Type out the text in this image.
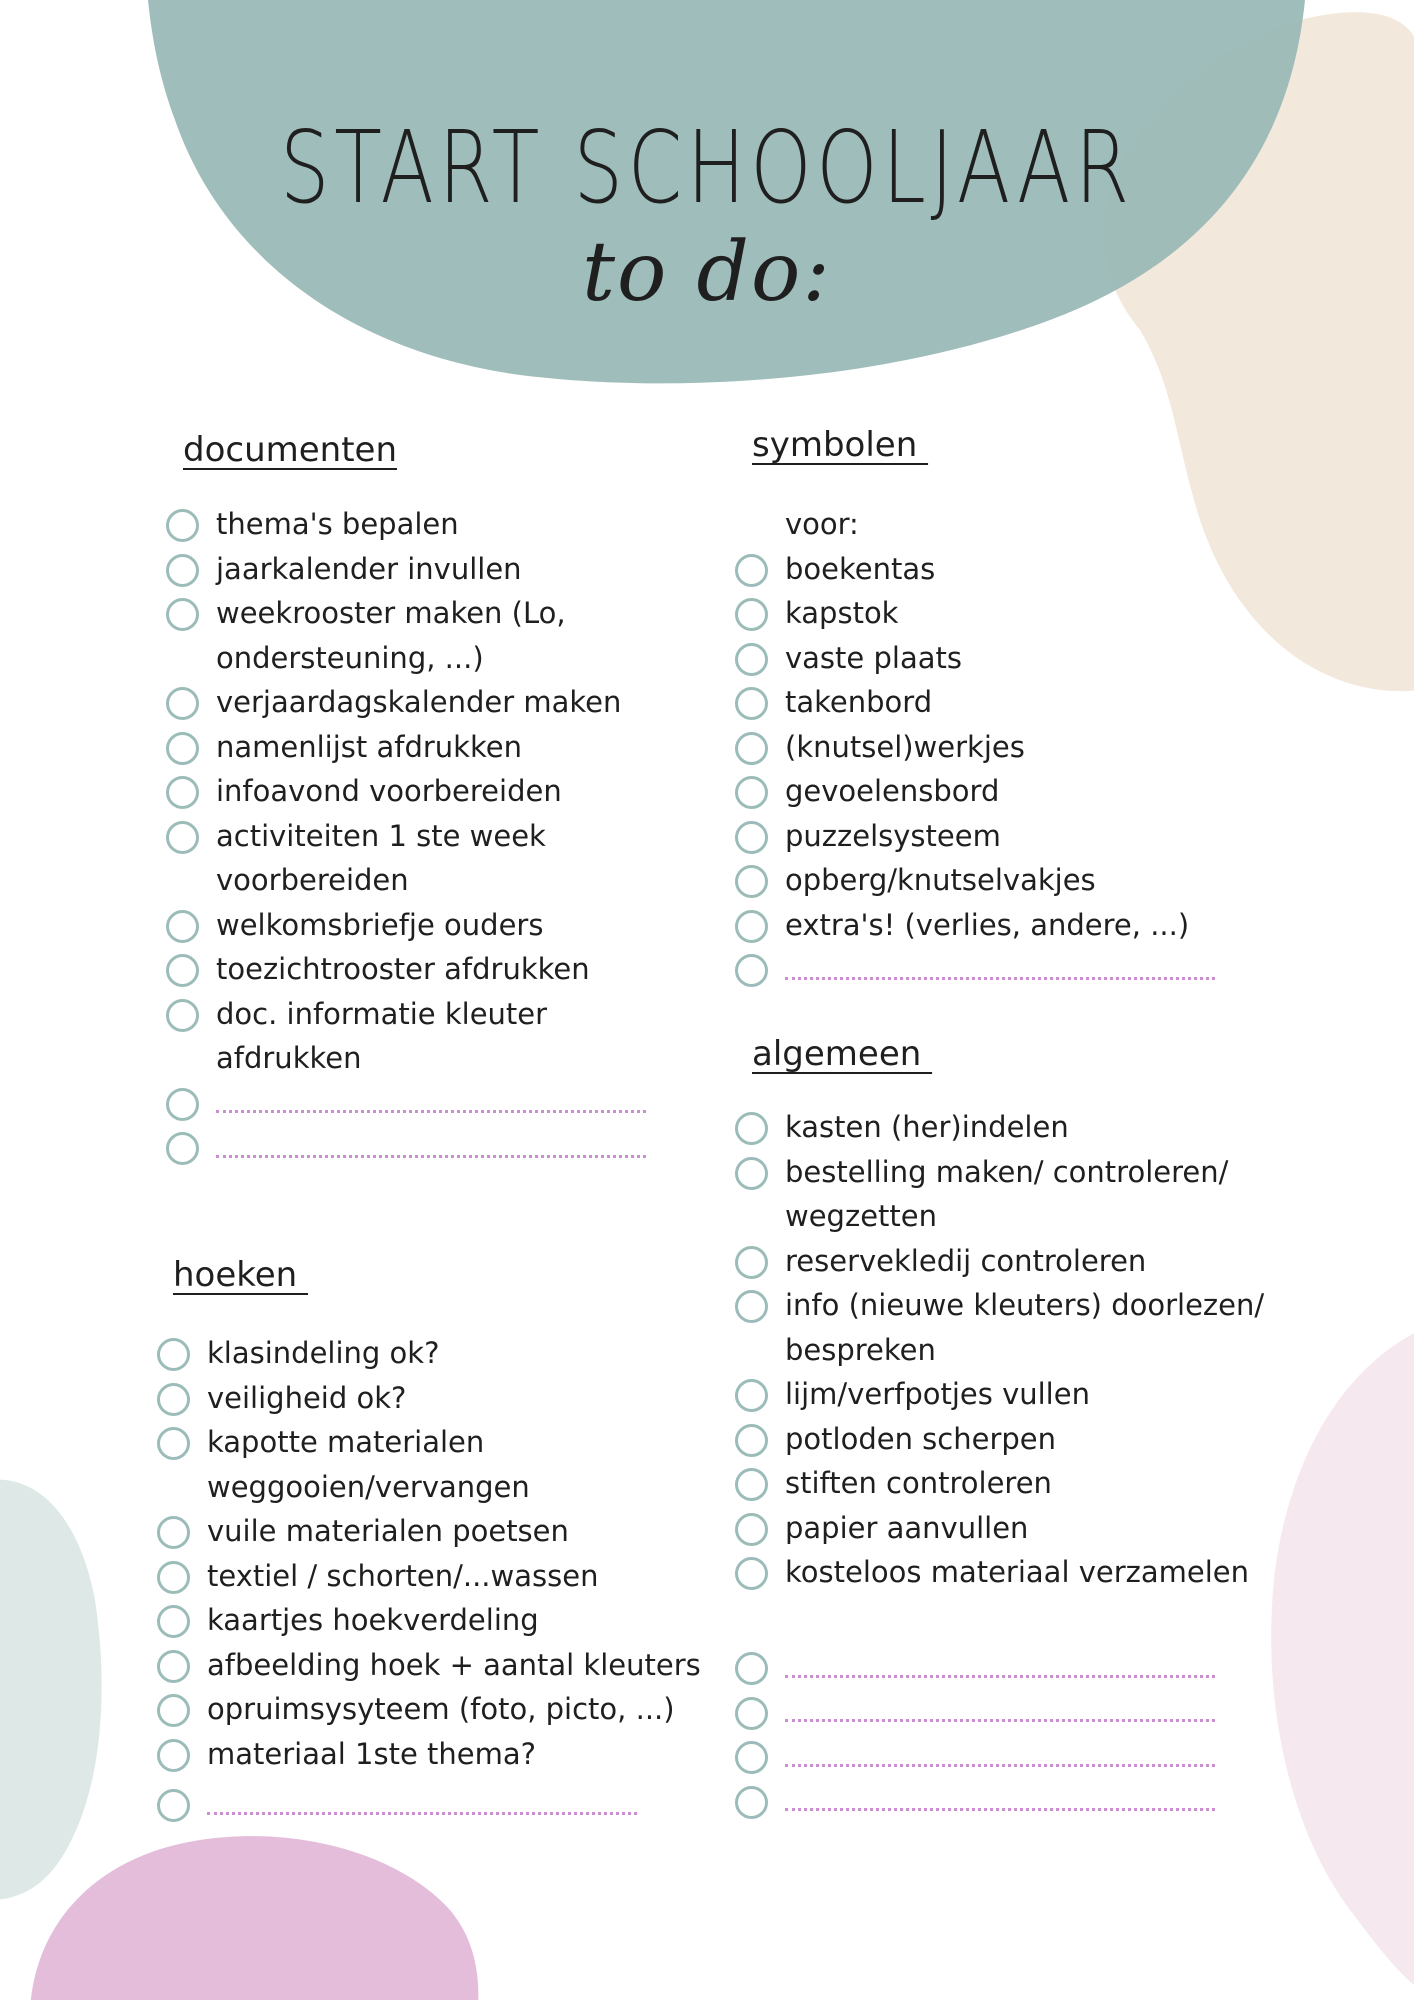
START SCHOOLJAAR
to do:
documenten
thema's bepalen
jaarkalender invullen
weekrooster maken (Lo,
ondersteuning, ...)
verjaardagskalender maken
namenlijst afdrukken
infoavond voorbereiden
activiteiten 1 ste week
voorbereiden
welkomsbriefje ouders
toezichtrooster afdrukken
doc. informatie kleuter
afdrukken
hoeken
klasindeling ok?
veiligheid ok?
kapotte materialen
weggooien/vervangen
vuile materialen poetsen
textiel / schorten/...wassen
kaartjes hoekverdeling
afbeelding hoek + aantal kleuters
opruimsysyteem (foto, picto, ...)
materiaal 1ste thema?
symbolen
voor:
boekentas
kapstok
vaste plaats
takenbord
(knutsel)werkjes
gevoelensbord
puzzelsysteem
opberg/knutselvakjes
extra's! (verlies, andere, ...)
algemeen
kasten (her)indelen
bestelling maken/ controleren/
wegzetten
reservekledij controleren
info (nieuwe kleuters) doorlezen/
bespreken
lijm/verfpotjes vullen
potloden scherpen
stiften controleren
papier aanvullen
kosteloos materiaal verzamelen
